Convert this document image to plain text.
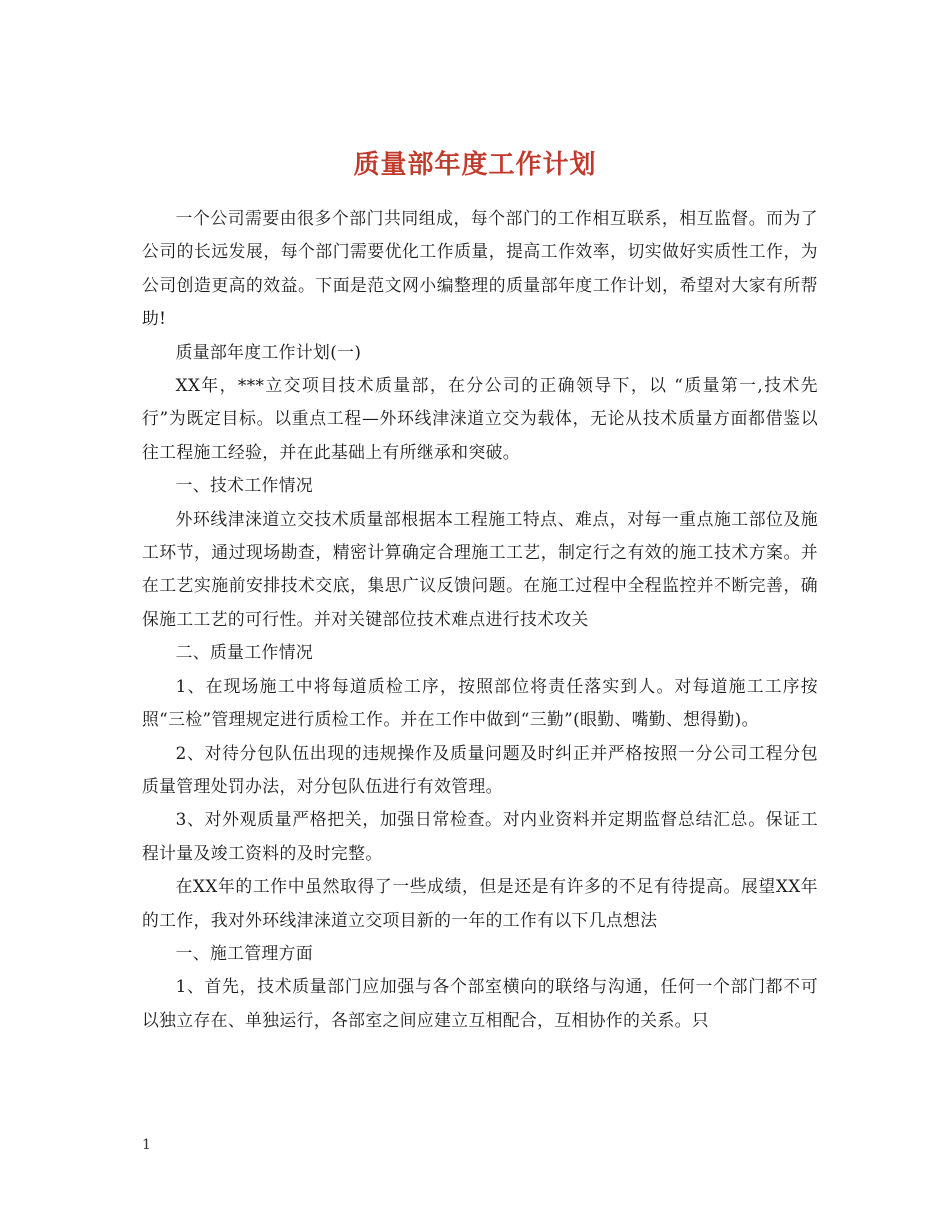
质量部年度工作计划

一个公司需要由很多个部门共同组成，每个部门的工作相互联系，相互监督。而为了公司的长远发展，每个部门需要优化工作质量，提高工作效率，切实做好实质性工作，为公司创造更高的效益。下面是范文网小编整理的质量部年度工作计划，希望对大家有所帮助!

质量部年度工作计划(一)

XX年，***立交项目技术质量部，在分公司的正确领导下，以 “质量第一,技术先行”为既定目标。以重点工程—外环线津涞道立交为载体，无论从技术质量方面都借鉴以往工程施工经验，并在此基础上有所继承和突破。

一、技术工作情况

外环线津涞道立交技术质量部根据本工程施工特点、难点，对每一重点施工部位及施工环节，通过现场勘查，精密计算确定合理施工工艺，制定行之有效的施工技术方案。并在工艺实施前安排技术交底，集思广议反馈问题。在施工过程中全程监控并不断完善，确保施工工艺的可行性。并对关键部位技术难点进行技术攻关

二、质量工作情况

1、在现场施工中将每道质检工序，按照部位将责任落实到人。对每道施工工序按照“三检”管理规定进行质检工作。并在工作中做到“三勤”(眼勤、嘴勤、想得勤)。

2、对待分包队伍出现的违规操作及质量问题及时纠正并严格按照一分公司工程分包质量管理处罚办法，对分包队伍进行有效管理。

3、对外观质量严格把关，加强日常检查。对内业资料并定期监督总结汇总。保证工程计量及竣工资料的及时完整。

在XX年的工作中虽然取得了一些成绩，但是还是有许多的不足有待提高。展望XX年的工作，我对外环线津涞道立交项目新的一年的工作有以下几点想法

一、施工管理方面

1、首先，技术质量部门应加强与各个部室横向的联络与沟通，任何一个部门都不可以独立存在、单独运行，各部室之间应建立互相配合，互相协作的关系。只

1
